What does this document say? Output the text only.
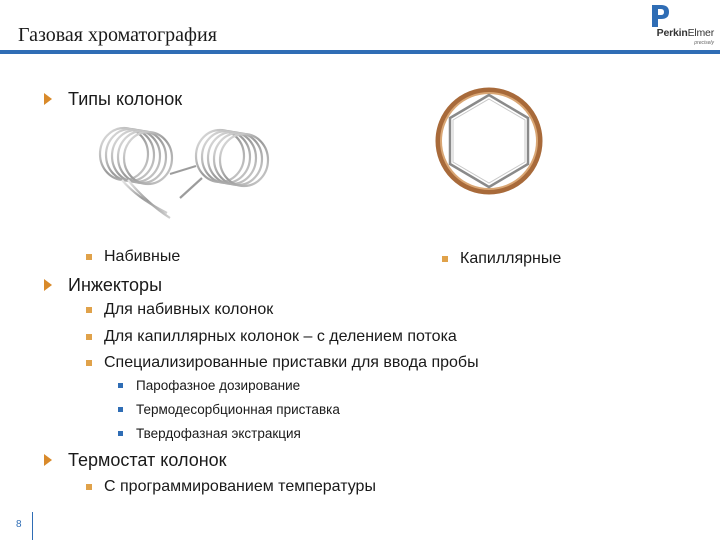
Газовая хроматография	PerkinElmer
precisely
Типы колонок
Набивные	Капиллярные
Инжекторы
Для набивных колонок
Для капиллярных колонок – с делением потока
Специализированные приставки для ввода пробы
Парофазное дозирование
Термодесорбционная приставка
Твердофазная экстракция
Термостат колонок
С программированием температуры
8
